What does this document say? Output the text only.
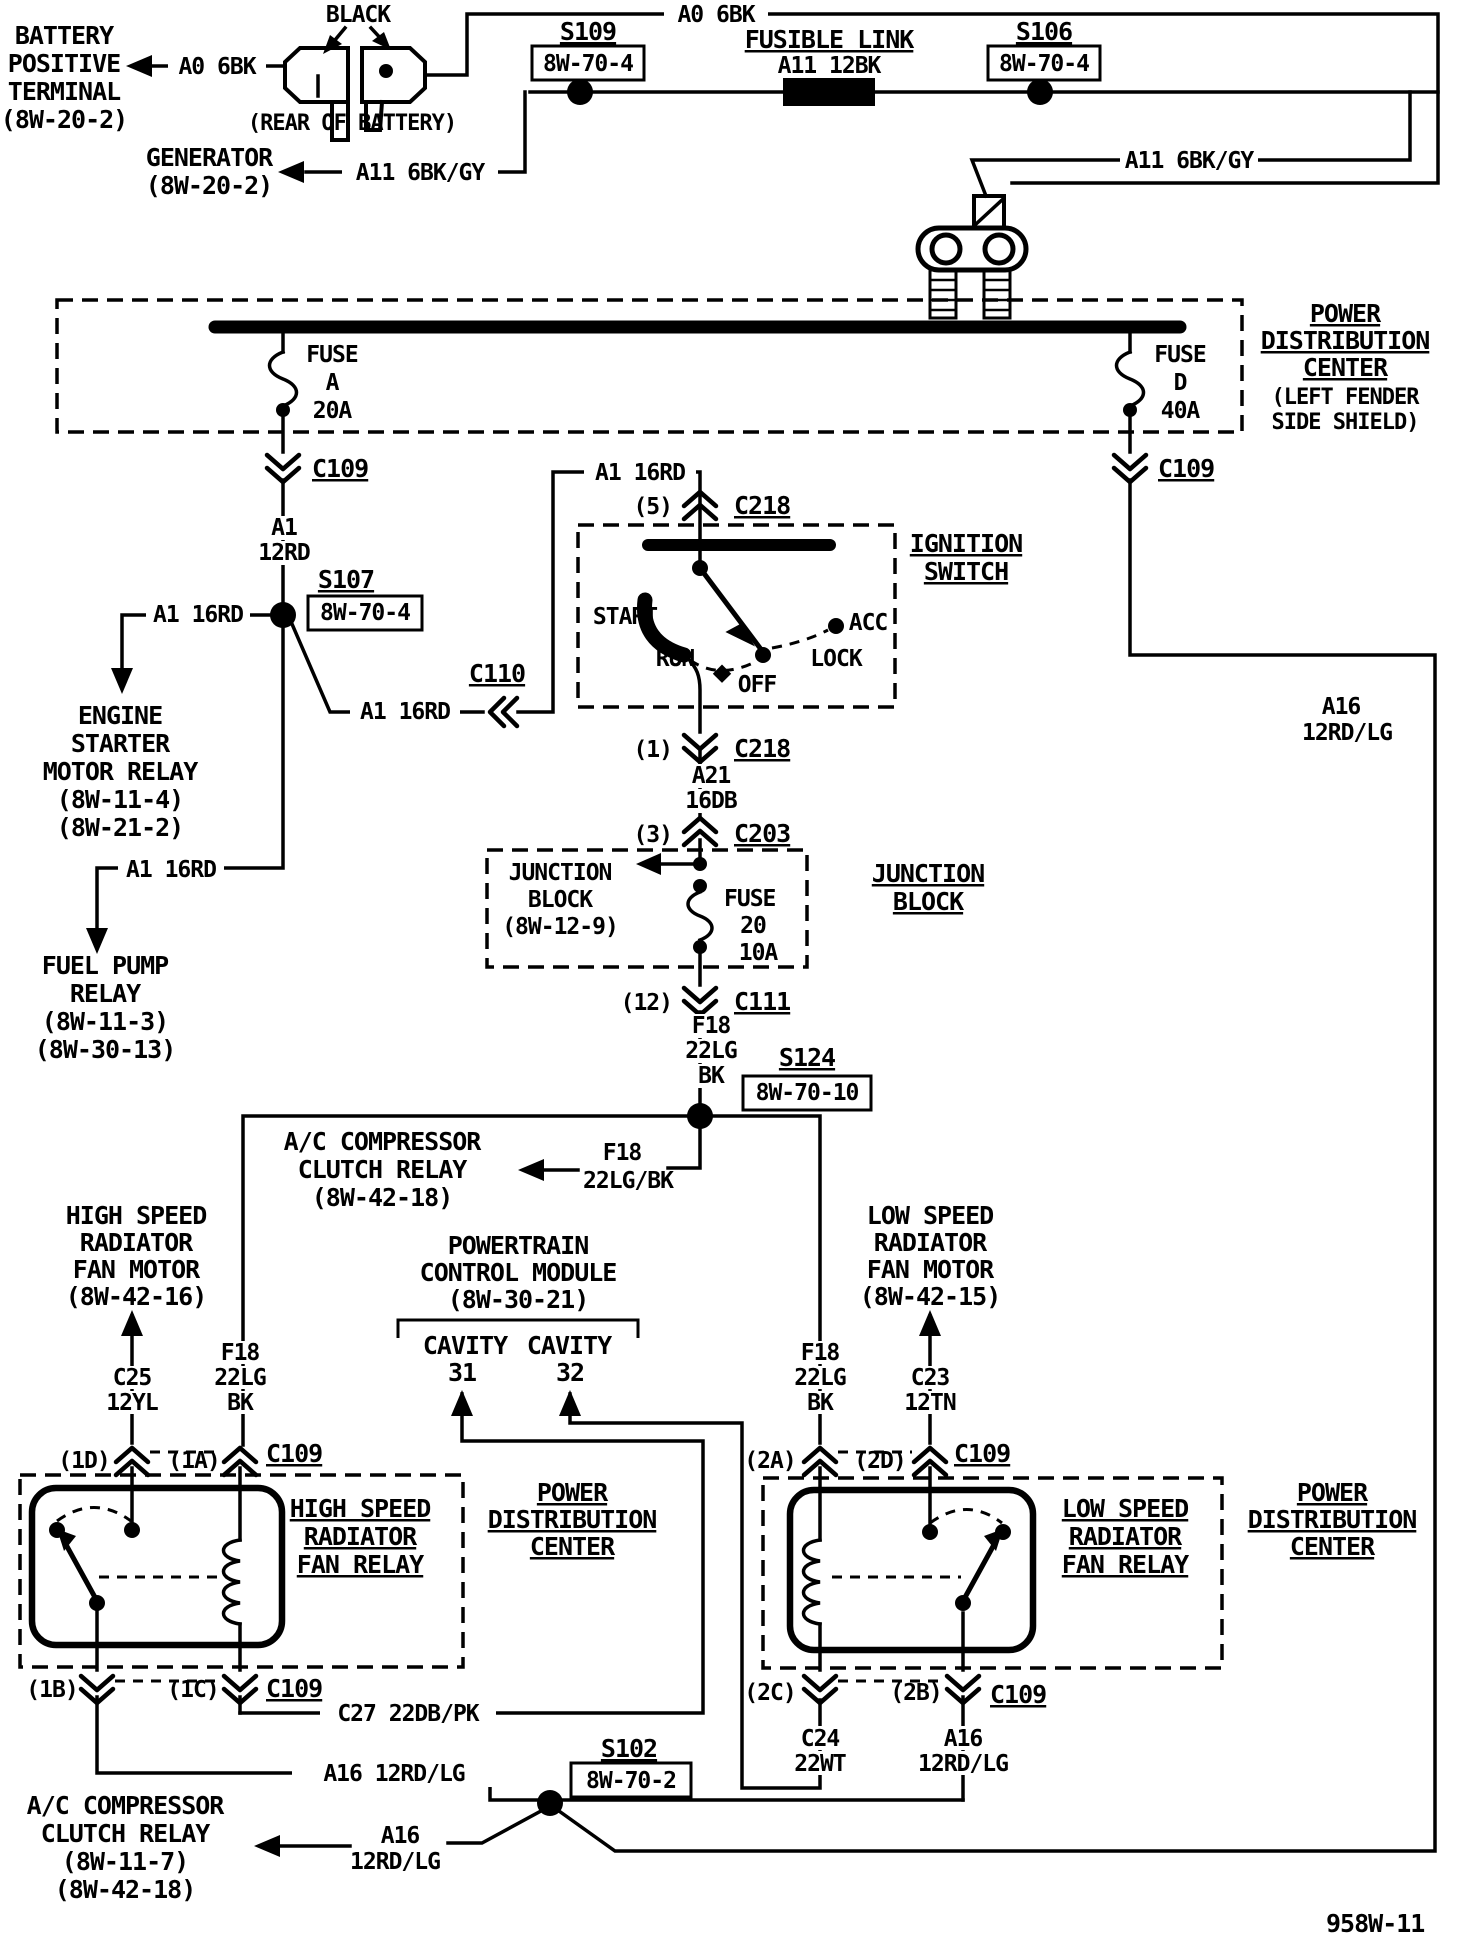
BATTERY POSITIVE TERMINAL (8W-20-2)
BLACK
(REAR OF BATTERY)
A0 6BK
A0 6BK
S109
8W-70-4
FUSIBLE LINK
A11 12BK
S106
8W-70-4
A11 6BK/GY
GENERATOR (8W-20-2)	A11 6BK/GY
POWER DISTRIBUTION CENTER
(LEFT FENDER SIDE SHIELD)
FUSE
A
20A
FUSE
D
40A
C109	C109
A1
12RD
S107
8W-70-4
A1 16RD
ENGINE STARTER MOTOR RELAY (8W-11-4) (8W-21-2)
A1 16RD
FUEL PUMP RELAY (8W-11-3) (8W-30-13)
A1 16RD
C110
A1 16RD
(5) C218
IGNITION SWITCH
START
RUN
OFF
LOCK
ACC
(1) C218
A21
16DB
(3) C203
JUNCTION BLOCK (8W-12-9)
JUNCTION BLOCK
FUSE
20
10A
(12) C111
F18
22LG
BK
S124
8W-70-10
F18
22LG/BK
A/C COMPRESSOR CLUTCH RELAY (8W-42-18)
HIGH SPEED RADIATOR FAN MOTOR (8W-42-16)
LOW SPEED RADIATOR FAN MOTOR (8W-42-15)
C25
12YL
F18
22LG
BK
F18
22LG
BK
C23
12TN
POWERTRAIN CONTROL MODULE (8W-30-21)
CAVITY CAVITY
31	32
(1D)	(1A) C109	(2A)	(2D) C109
HIGH SPEED RADIATOR FAN RELAY
LOW SPEED RADIATOR FAN RELAY
POWER DISTRIBUTION CENTER
POWER DISTRIBUTION CENTER
(1B)	(1C) C109	(2C)	(2B) C109
C27 22DB/PK
A16 12RD/LG
C24
22WT
A16
12RD/LG
S102
8W-70-2
A16
12RD/LG
A16
12RD/LG
A/C COMPRESSOR CLUTCH RELAY (8W-11-7) (8W-42-18)
958W-11
